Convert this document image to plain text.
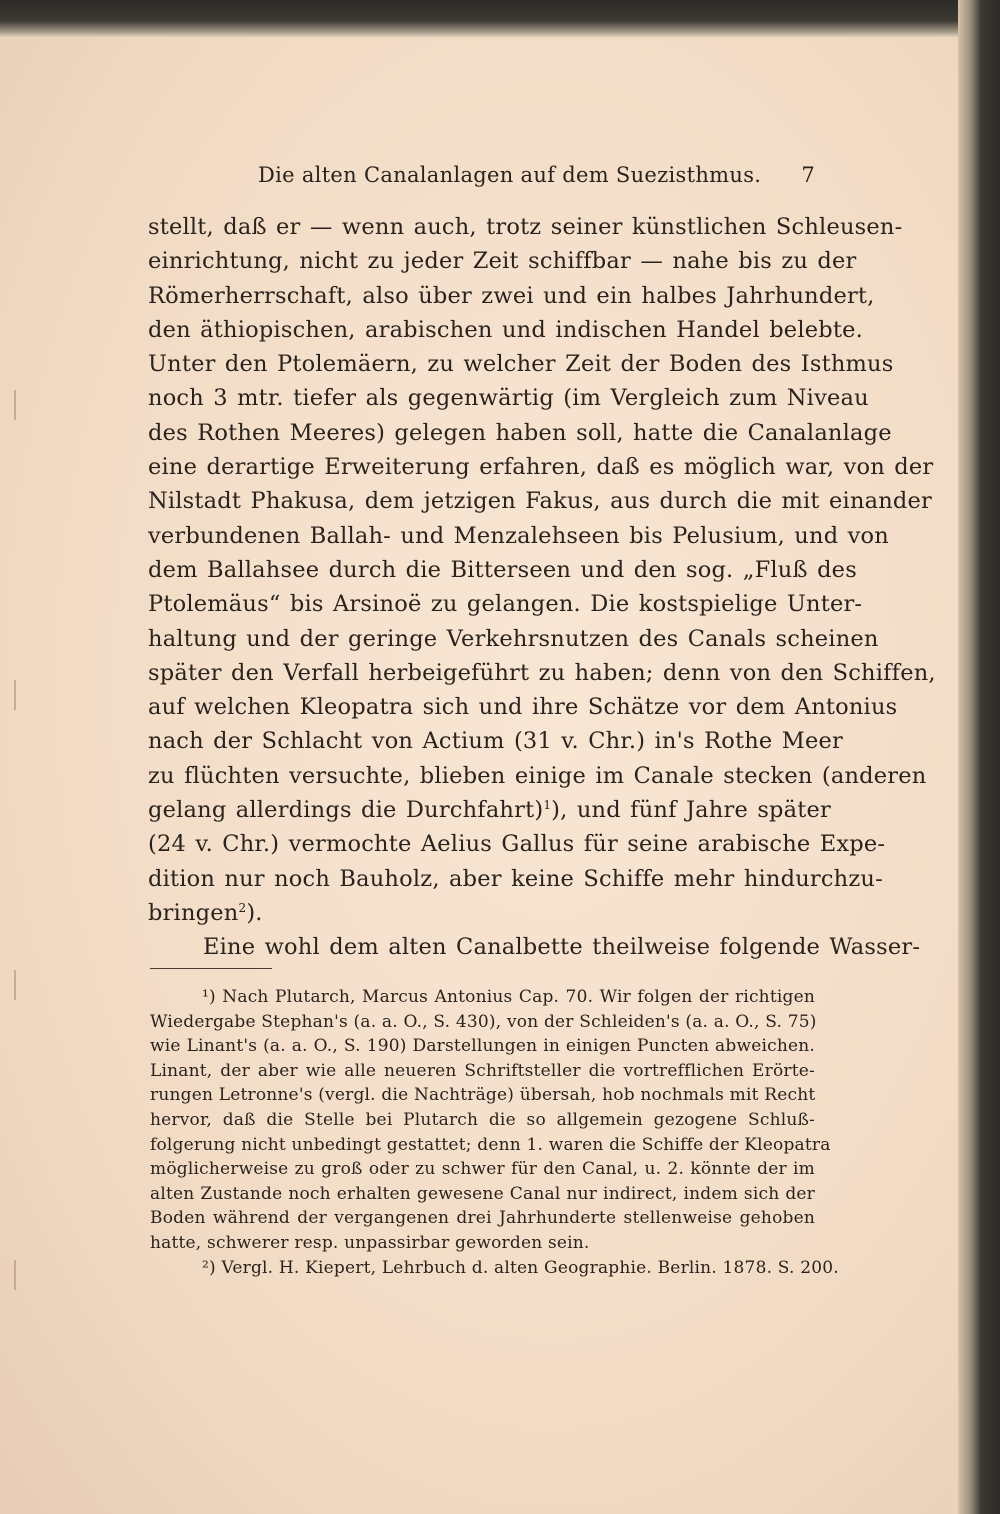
Die alten Canalanlagen auf dem Suezisthmus. 7
stellt, daß er — wenn auch, trotz seiner künstlichen Schleusen-
einrichtung, nicht zu jeder Zeit schiffbar — nahe bis zu der
Römerherrschaft, also über zwei und ein halbes Jahrhundert,
den äthiopischen, arabischen und indischen Handel belebte.
Unter den Ptolemäern, zu welcher Zeit der Boden des Isthmus
noch 3 mtr. tiefer als gegenwärtig (im Vergleich zum Niveau
des Rothen Meeres) gelegen haben soll, hatte die Canalanlage
eine derartige Erweiterung erfahren, daß es möglich war, von der
Nilstadt Phakusa, dem jetzigen Fakus, aus durch die mit einander
verbundenen Ballah- und Menzalehseen bis Pelusium, und von
dem Ballahsee durch die Bitterseen und den sog. „Fluß des
Ptolemäus“ bis Arsinoë zu gelangen. Die kostspielige Unter-
haltung und der geringe Verkehrsnutzen des Canals scheinen
später den Verfall herbeigeführt zu haben; denn von den Schiffen,
auf welchen Kleopatra sich und ihre Schätze vor dem Antonius
nach der Schlacht von Actium (31 v. Chr.) in's Rothe Meer
zu flüchten versuchte, blieben einige im Canale stecken (anderen
gelang allerdings die Durchfahrt)$^1$), und fünf Jahre später
(24 v. Chr.) vermochte Aelius Gallus für seine arabische Expe-
dition nur noch Bauholz, aber keine Schiffe mehr hindurchzu-
bringen$^2$).
Eine wohl dem alten Canalbette theilweise folgende Wasser-
¹) Nach Plutarch, Marcus Antonius Cap. 70. Wir folgen der richtigen
Wiedergabe Stephan's (a. a. O., S. 430), von der Schleiden's (a. a. O., S. 75)
wie Linant's (a. a. O., S. 190) Darstellungen in einigen Puncten abweichen.
Linant, der aber wie alle neueren Schriftsteller die vortrefflichen Erörte-
rungen Letronne's (vergl. die Nachträge) übersah, hob nochmals mit Recht
hervor, daß die Stelle bei Plutarch die so allgemein gezogene Schluß-
folgerung nicht unbedingt gestattet; denn 1. waren die Schiffe der Kleopatra
möglicherweise zu groß oder zu schwer für den Canal, u. 2. könnte der im
alten Zustande noch erhalten gewesene Canal nur indirect, indem sich der
Boden während der vergangenen drei Jahrhunderte stellenweise gehoben
hatte, schwerer resp. unpassirbar geworden sein.
²) Vergl. H. Kiepert, Lehrbuch d. alten Geographie. Berlin. 1878. S. 200.
